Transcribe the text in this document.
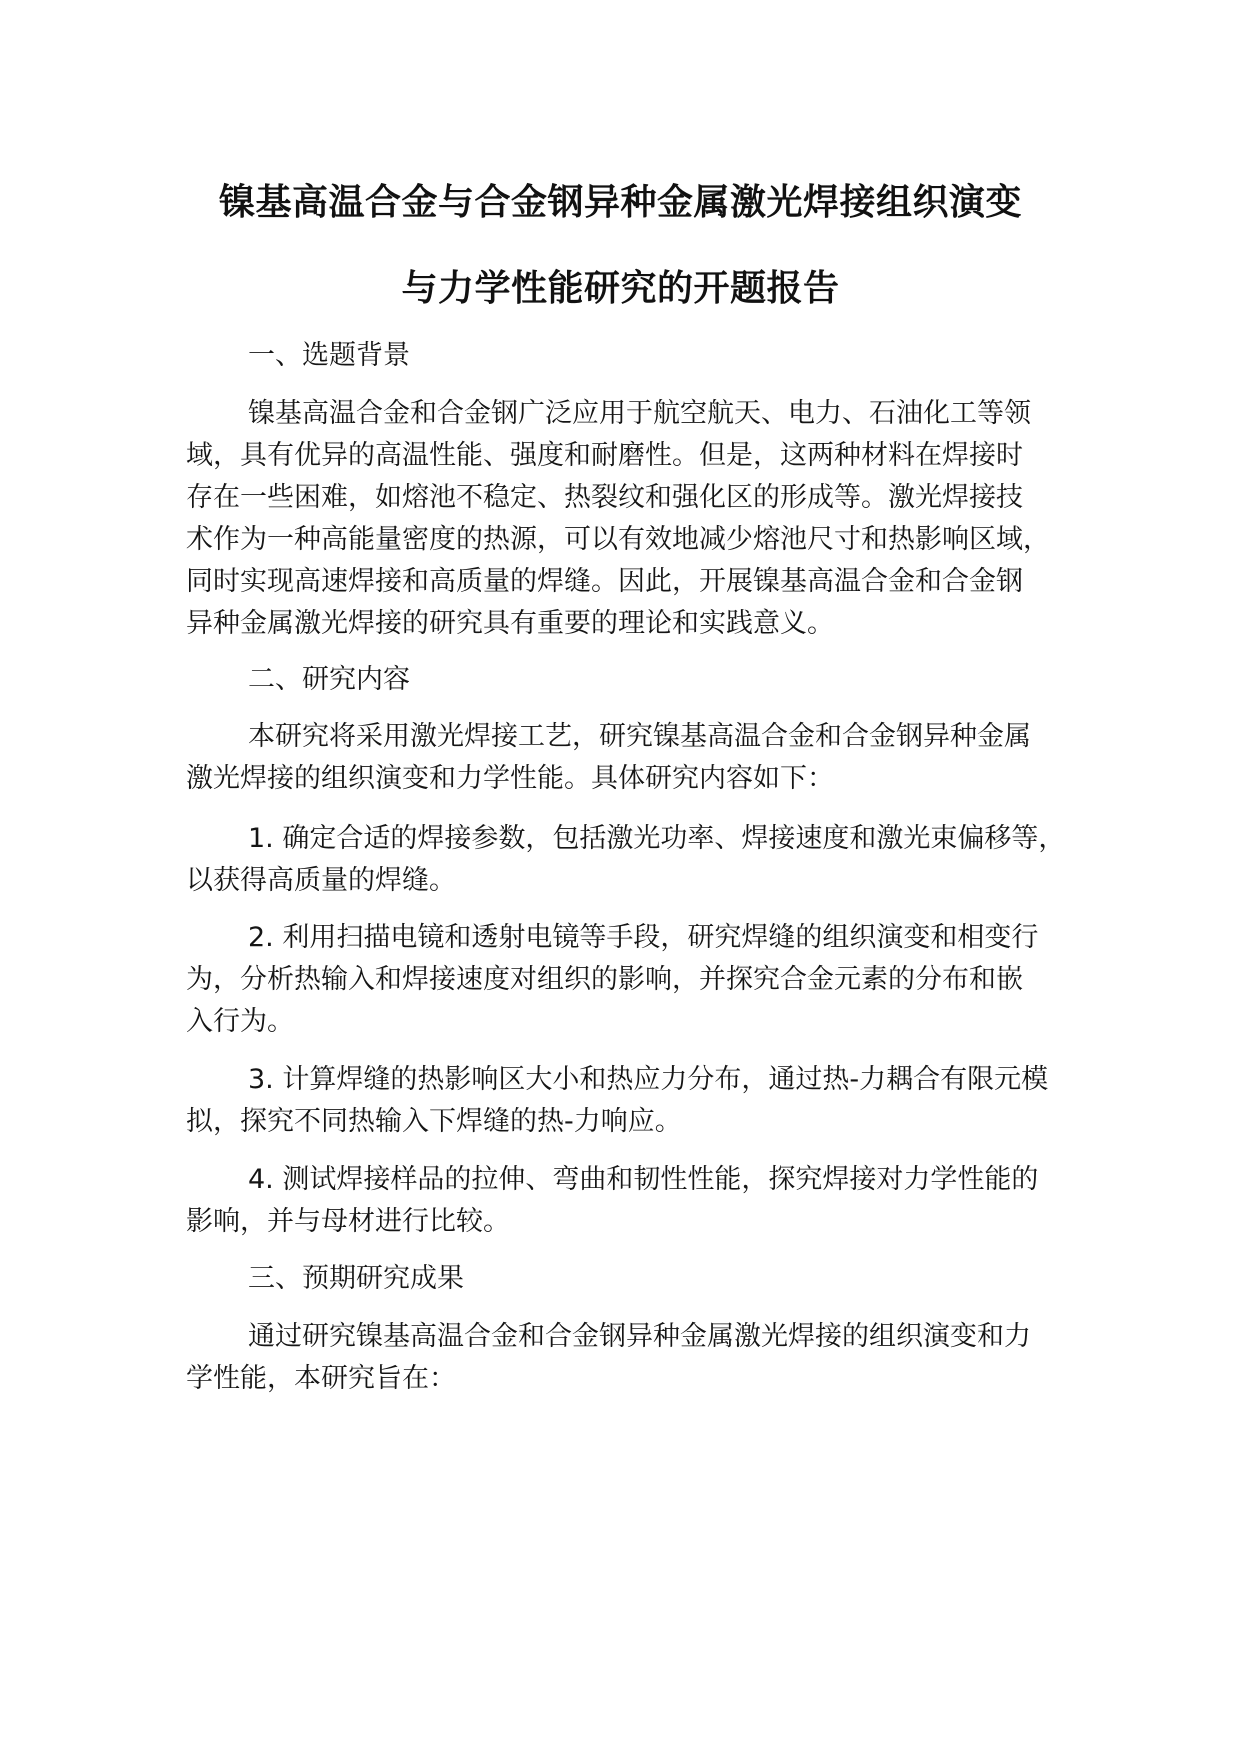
镍基高温合金与合金钢异种金属激光焊接组织演变
与力学性能研究的开题报告
一、选题背景
镍基高温合金和合金钢广泛应用于航空航天、电力、石油化工等领
域，具有优异的高温性能、强度和耐磨性。但是，这两种材料在焊接时
存在一些困难，如熔池不稳定、热裂纹和强化区的形成等。激光焊接技
术作为一种高能量密度的热源，可以有效地减少熔池尺寸和热影响区域，
同时实现高速焊接和高质量的焊缝。因此，开展镍基高温合金和合金钢
异种金属激光焊接的研究具有重要的理论和实践意义。
二、研究内容
本研究将采用激光焊接工艺，研究镍基高温合金和合金钢异种金属
激光焊接的组织演变和力学性能。具体研究内容如下：
1. 确定合适的焊接参数，包括激光功率、焊接速度和激光束偏移等，
以获得高质量的焊缝。
2. 利用扫描电镜和透射电镜等手段，研究焊缝的组织演变和相变行
为，分析热输入和焊接速度对组织的影响，并探究合金元素的分布和嵌
入行为。
3. 计算焊缝的热影响区大小和热应力分布，通过热-力耦合有限元模
拟，探究不同热输入下焊缝的热-力响应。
4. 测试焊接样品的拉伸、弯曲和韧性性能，探究焊接对力学性能的
影响，并与母材进行比较。
三、预期研究成果
通过研究镍基高温合金和合金钢异种金属激光焊接的组织演变和力
学性能，本研究旨在：
